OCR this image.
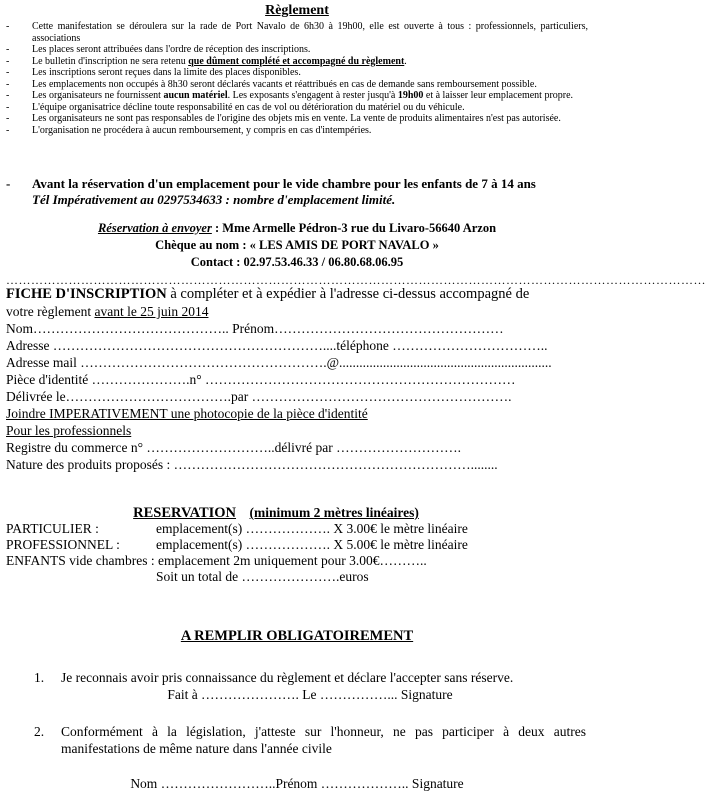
Règlement
- Cette manifestation se déroulera sur la rade de Port Navalo de 6h30 à 19h00, elle est ouverte à tous : professionnels, particuliers, associations
- Les places seront attribuées dans l'ordre de réception des inscriptions.
- Le bulletin d'inscription ne sera retenu que dûment complété et accompagné du règlement.
- Les inscriptions seront reçues dans la limite des places disponibles.
- Les emplacements non occupés à 8h30 seront déclarés vacants et réattribués en cas de demande sans remboursement possible.
- Les organisateurs ne fournissent aucun matériel. Les exposants s'engagent à rester jusqu'à 19h00 et à laisser leur emplacement propre.
- L'équipe organisatrice décline toute responsabilité en cas de vol ou détérioration du matériel ou du véhicule.
- Les organisateurs ne sont pas responsables de l'origine des objets mis en vente. La vente de produits alimentaires n'est pas autorisée.
- L'organisation ne procédera à aucun remboursement, y compris en cas d'intempéries.
- Avant la réservation d'un emplacement pour le vide chambre pour les enfants de 7 à 14 ans
Tél Impérativement au 0297534633 : nombre d'emplacement limité.
Réservation à envoyer : Mme Armelle Pédron-3 rue du Livaro-56640 Arzon
Chèque au nom : « LES AMIS DE PORT NAVALO »
Contact : 02.97.53.46.33 / 06.80.68.06.95
……………………………………………………………………………………………………………………………………………………
FICHE D'INSCRIPTION à compléter et à expédier à l'adresse ci-dessus accompagné de
votre règlement avant le 25 juin 2014
Nom…………………………………….. Prénom……………………………………………
Adresse ……………………………………………………....téléphone ……………………………..
Adresse mail ……………………………………………….@...............................................................
Pièce d'identité ………………….n° ……………………………………………………………
Délivrée le……………………………….par ………………………………………………….
Joindre IMPERATIVEMENT une photocopie de la pièce d'identité
Pour les professionnels
Registre du commerce n° ………………………..délivré par ……………………….
Nature des produits proposés : …………………………………………………………........
RESERVATION (minimum 2 mètres linéaires)
PARTICULIER :	emplacement(s) ………………. X 3.00€ le mètre linéaire
PROFESSIONNEL :	emplacement(s) ………………. X 5.00€ le mètre linéaire
ENFANTS vide chambres : emplacement 2m uniquement pour 3.00€………..
Soit un total de ………………….euros
A REMPLIR OBLIGATOIREMENT
1.	Je reconnais avoir pris connaissance du règlement et déclare l'accepter sans réserve.
Fait à …………………. Le ……………... Signature
2.	Conformément à la législation, j'atteste sur l'honneur, ne pas participer à deux autres manifestations de même nature dans l'année civile
Nom ……………………..Prénom ……………….. Signature
